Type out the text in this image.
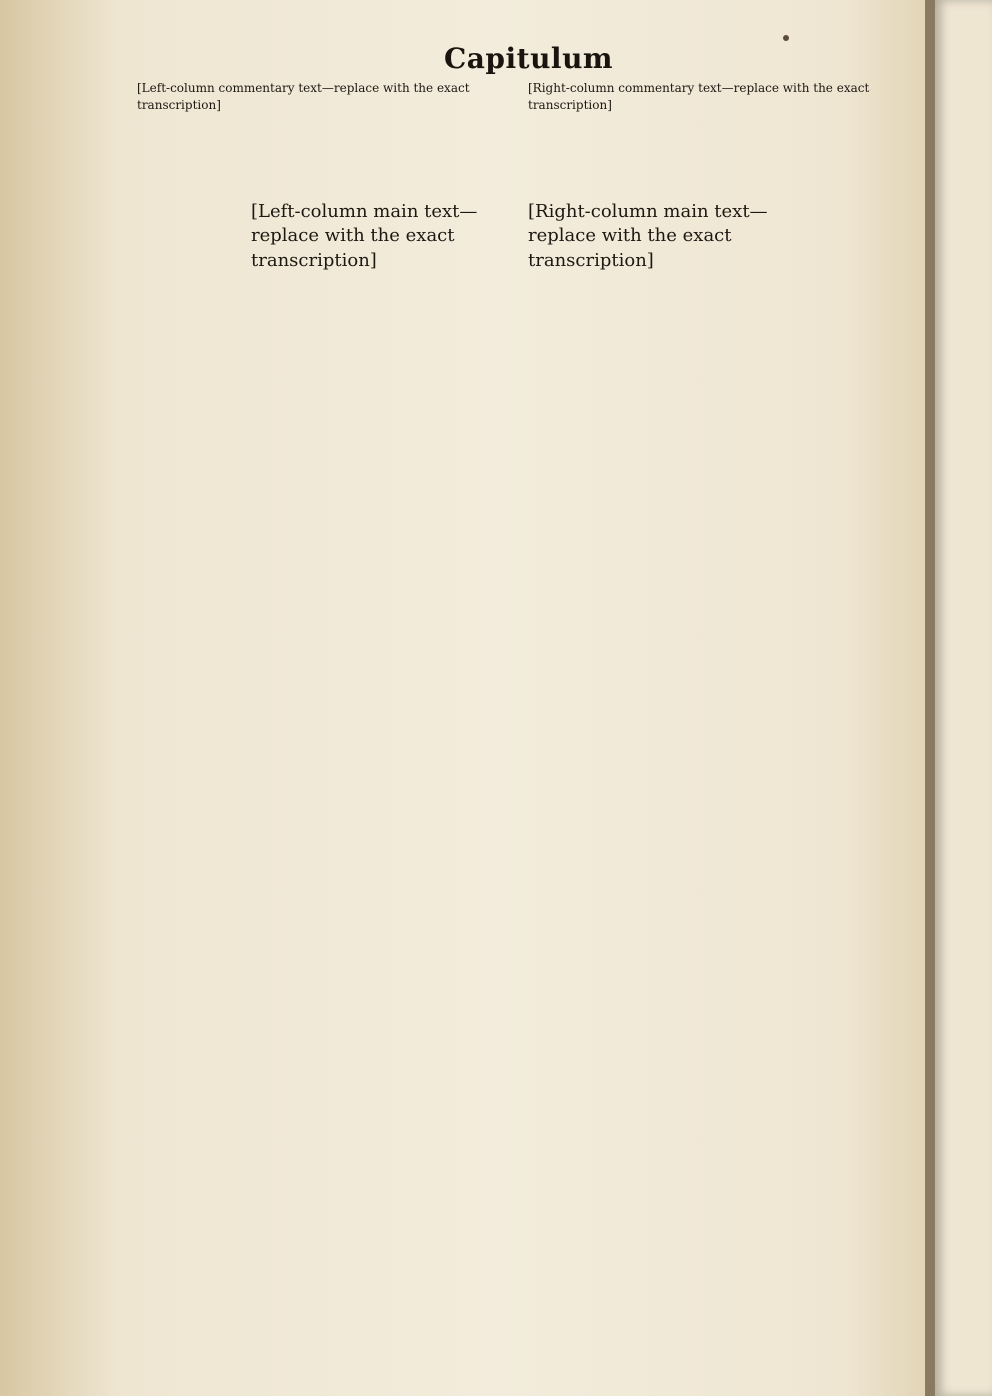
Capitulum
[Left-column commentary text—replace with the exact transcription]
[Left-column main text—replace with the exact transcription]
[Right-column commentary text—replace with the exact transcription]
[Right-column main text—replace with the exact transcription]
